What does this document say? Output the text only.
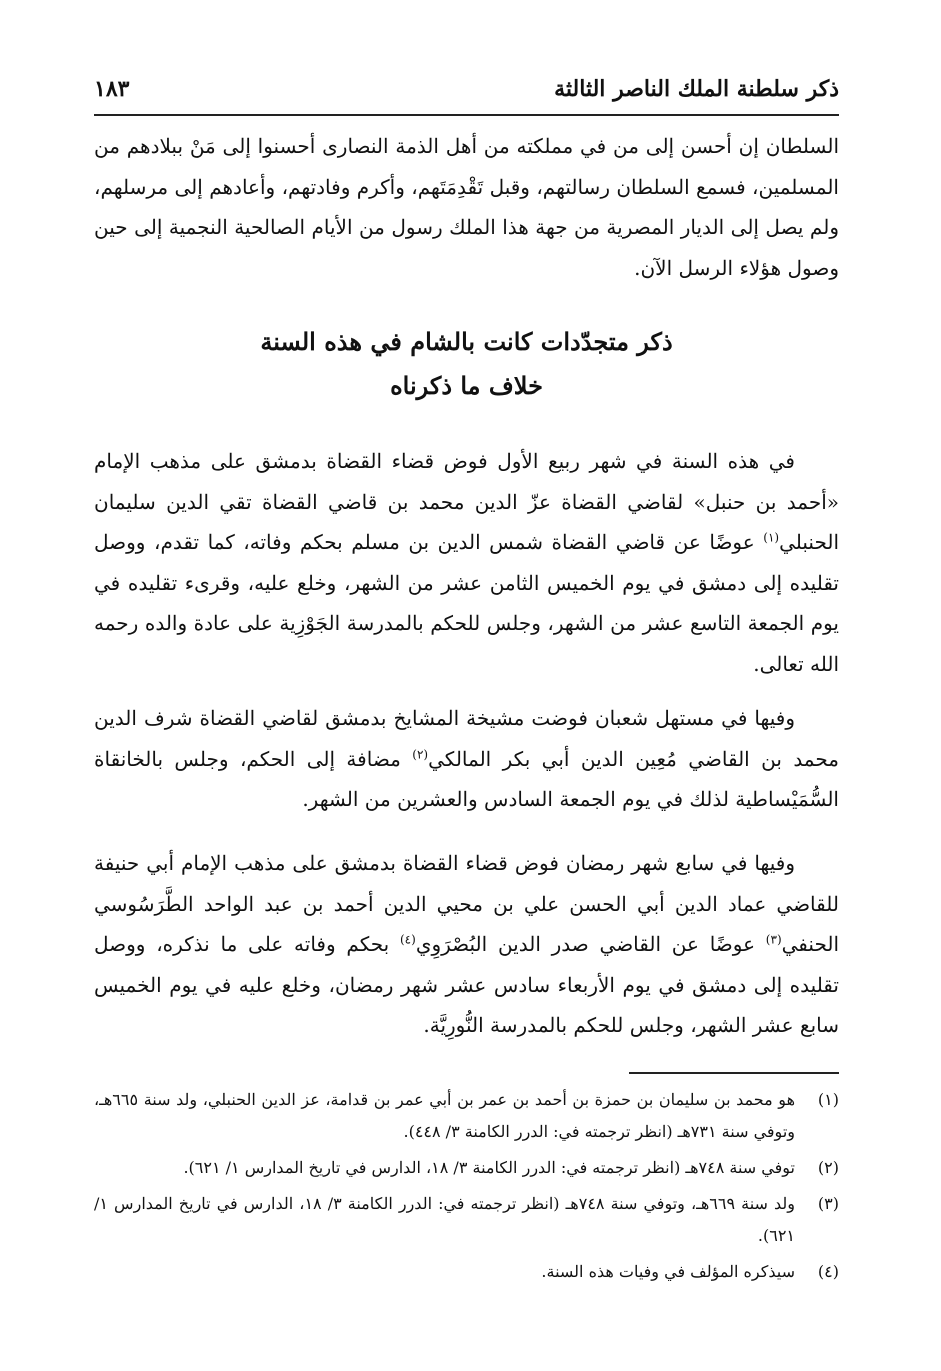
ذكر سلطنة الملك الناصر الثالثة
١٨٣

السلطان إن أحسن إلى من في مملكته من أهل الذمة النصارى أحسنوا إلى مَنْ ببلادهم من المسلمين، فسمع السلطان رسالتهم، وقبل تَقْدِمَتَهم، وأكرم وفادتهم، وأعادهم إلى مرسلهم، ولم يصل إلى الديار المصرية من جهة هذا الملك رسول من الأيام الصالحية النجمية إلى حين وصول هؤلاء الرسل الآن.

ذكر متجدّدات كانت بالشام في هذه السنة
خلاف ما ذكرناه

في هذه السنة في شهر ربيع الأول فوض قضاء القضاة بدمشق على مذهب الإمام «أحمد بن حنبل» لقاضي القضاة عزّ الدين محمد بن قاضي القضاة تقي الدين سليمان الحنبلي$^{(١)}$ عوضًا عن قاضي القضاة شمس الدين بن مسلم بحكم وفاته، كما تقدم، ووصل تقليده إلى دمشق في يوم الخميس الثامن عشر من الشهر، وخلع عليه، وقرىء تقليده في يوم الجمعة التاسع عشر من الشهر، وجلس للحكم بالمدرسة الجَوْزِية على عادة والده رحمه الله تعالى.

وفيها في مستهل شعبان فوضت مشيخة المشايخ بدمشق لقاضي القضاة شرف الدين محمد بن القاضي مُعِين الدين أبي بكر المالكي$^{(٢)}$ مضافة إلى الحكم، وجلس بالخانقاة السُّمَيْساطية لذلك في يوم الجمعة السادس والعشرين من الشهر.

وفيها في سابع شهر رمضان فوض قضاء القضاة بدمشق على مذهب الإمام أبي حنيفة للقاضي عماد الدين أبي الحسن علي بن محيي الدين أحمد بن عبد الواحد الطَّرَسُوسي الحنفي$^{(٣)}$ عوضًا عن القاضي صدر الدين البُصْرَوِي$^{(٤)}$ بحكم وفاته على ما نذكره، ووصل تقليده إلى دمشق في يوم الأربعاء سادس عشر شهر رمضان، وخلع عليه في يوم الخميس سابع عشر الشهر، وجلس للحكم بالمدرسة النُّورِيَّة.

(١)
هو محمد بن سليمان بن حمزة بن أحمد بن عمر بن أبي عمر بن قدامة، عز الدين الحنبلي، ولد سنة ٦٦٥هـ، وتوفي سنة ٧٣١هـ (انظر ترجمته في: الدرر الكامنة ٣/ ٤٤٨).
(٢)
توفي سنة ٧٤٨هـ (انظر ترجمته في: الدرر الكامنة ٣/ ١٨، الدارس في تاريخ المدارس ١/ ٦٢١).
(٣)
ولد سنة ٦٦٩هـ، وتوفي سنة ٧٤٨هـ (انظر ترجمته في: الدرر الكامنة ٣/ ١٨، الدارس في تاريخ المدارس ١/ ٦٢١).
(٤)
سيذكره المؤلف في وفيات هذه السنة.
